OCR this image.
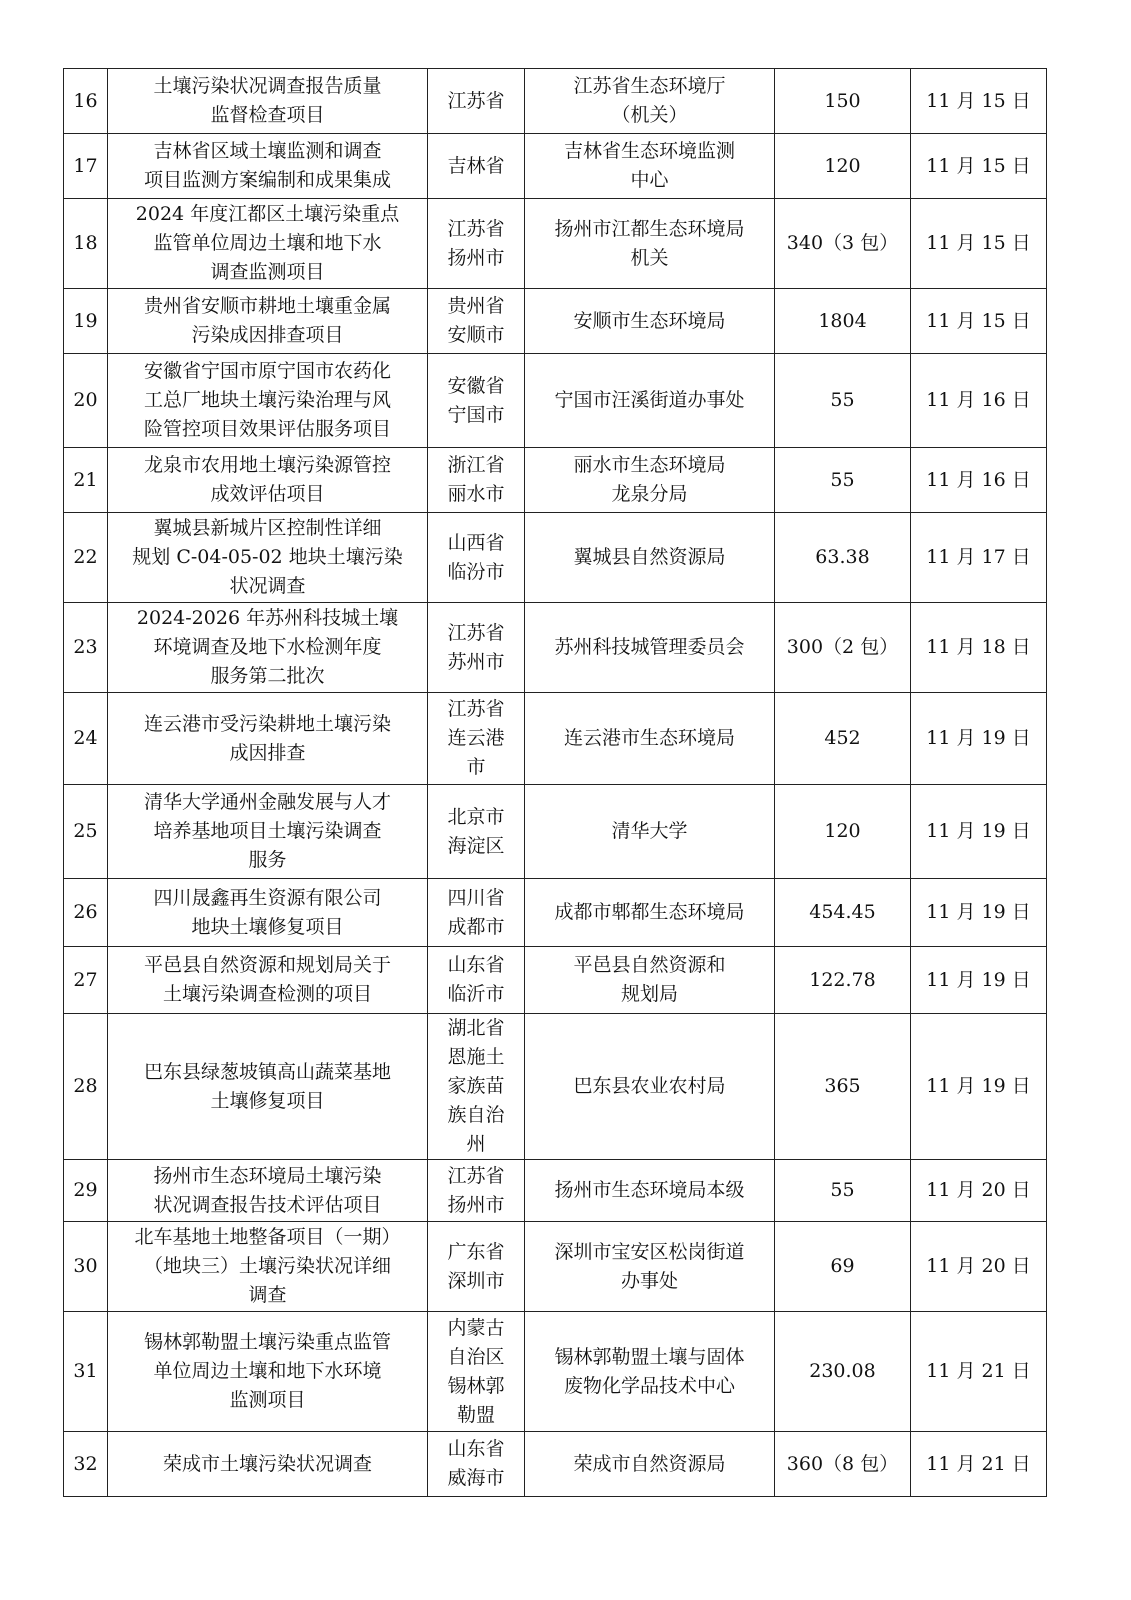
16	土壤污染状况调查报告质量
监督检查项目	江苏省	江苏省生态环境厅
（机关）	150	11 月 15 日
17	吉林省区域土壤监测和调查
项目监测方案编制和成果集成	吉林省	吉林省生态环境监测
中心	120	11 月 15 日
18	2024 年度江都区土壤污染重点
监管单位周边土壤和地下水
调查监测项目	江苏省
扬州市	扬州市江都生态环境局
机关	340（3 包）	11 月 15 日
19	贵州省安顺市耕地土壤重金属
污染成因排查项目	贵州省
安顺市	安顺市生态环境局	1804	11 月 15 日
20	安徽省宁国市原宁国市农药化
工总厂地块土壤污染治理与风
险管控项目效果评估服务项目	安徽省
宁国市	宁国市汪溪街道办事处	55	11 月 16 日
21	龙泉市农用地土壤污染源管控
成效评估项目	浙江省
丽水市	丽水市生态环境局
龙泉分局	55	11 月 16 日
22	翼城县新城片区控制性详细
规划 C-04-05-02 地块土壤污染
状况调查	山西省
临汾市	翼城县自然资源局	63.38	11 月 17 日
23	2024-2026 年苏州科技城土壤
环境调查及地下水检测年度
服务第二批次	江苏省
苏州市	苏州科技城管理委员会	300（2 包）	11 月 18 日
24	连云港市受污染耕地土壤污染
成因排查	江苏省
连云港
市	连云港市生态环境局	452	11 月 19 日
25	清华大学通州金融发展与人才
培养基地项目土壤污染调查
服务	北京市
海淀区	清华大学	120	11 月 19 日
26	四川晟鑫再生资源有限公司
地块土壤修复项目	四川省
成都市	成都市郫都生态环境局	454.45	11 月 19 日
27	平邑县自然资源和规划局关于
土壤污染调查检测的项目	山东省
临沂市	平邑县自然资源和
规划局	122.78	11 月 19 日
28	巴东县绿葱坡镇高山蔬菜基地
土壤修复项目	湖北省
恩施土
家族苗
族自治
州	巴东县农业农村局	365	11 月 19 日
29	扬州市生态环境局土壤污染
状况调查报告技术评估项目	江苏省
扬州市	扬州市生态环境局本级	55	11 月 20 日
30	北车基地土地整备项目（一期）
（地块三）土壤污染状况详细
调查	广东省
深圳市	深圳市宝安区松岗街道
办事处	69	11 月 20 日
31	锡林郭勒盟土壤污染重点监管
单位周边土壤和地下水环境
监测项目	内蒙古
自治区
锡林郭
勒盟	锡林郭勒盟土壤与固体
废物化学品技术中心	230.08	11 月 21 日
32	荣成市土壤污染状况调查	山东省
威海市	荣成市自然资源局	360（8 包）	11 月 21 日
